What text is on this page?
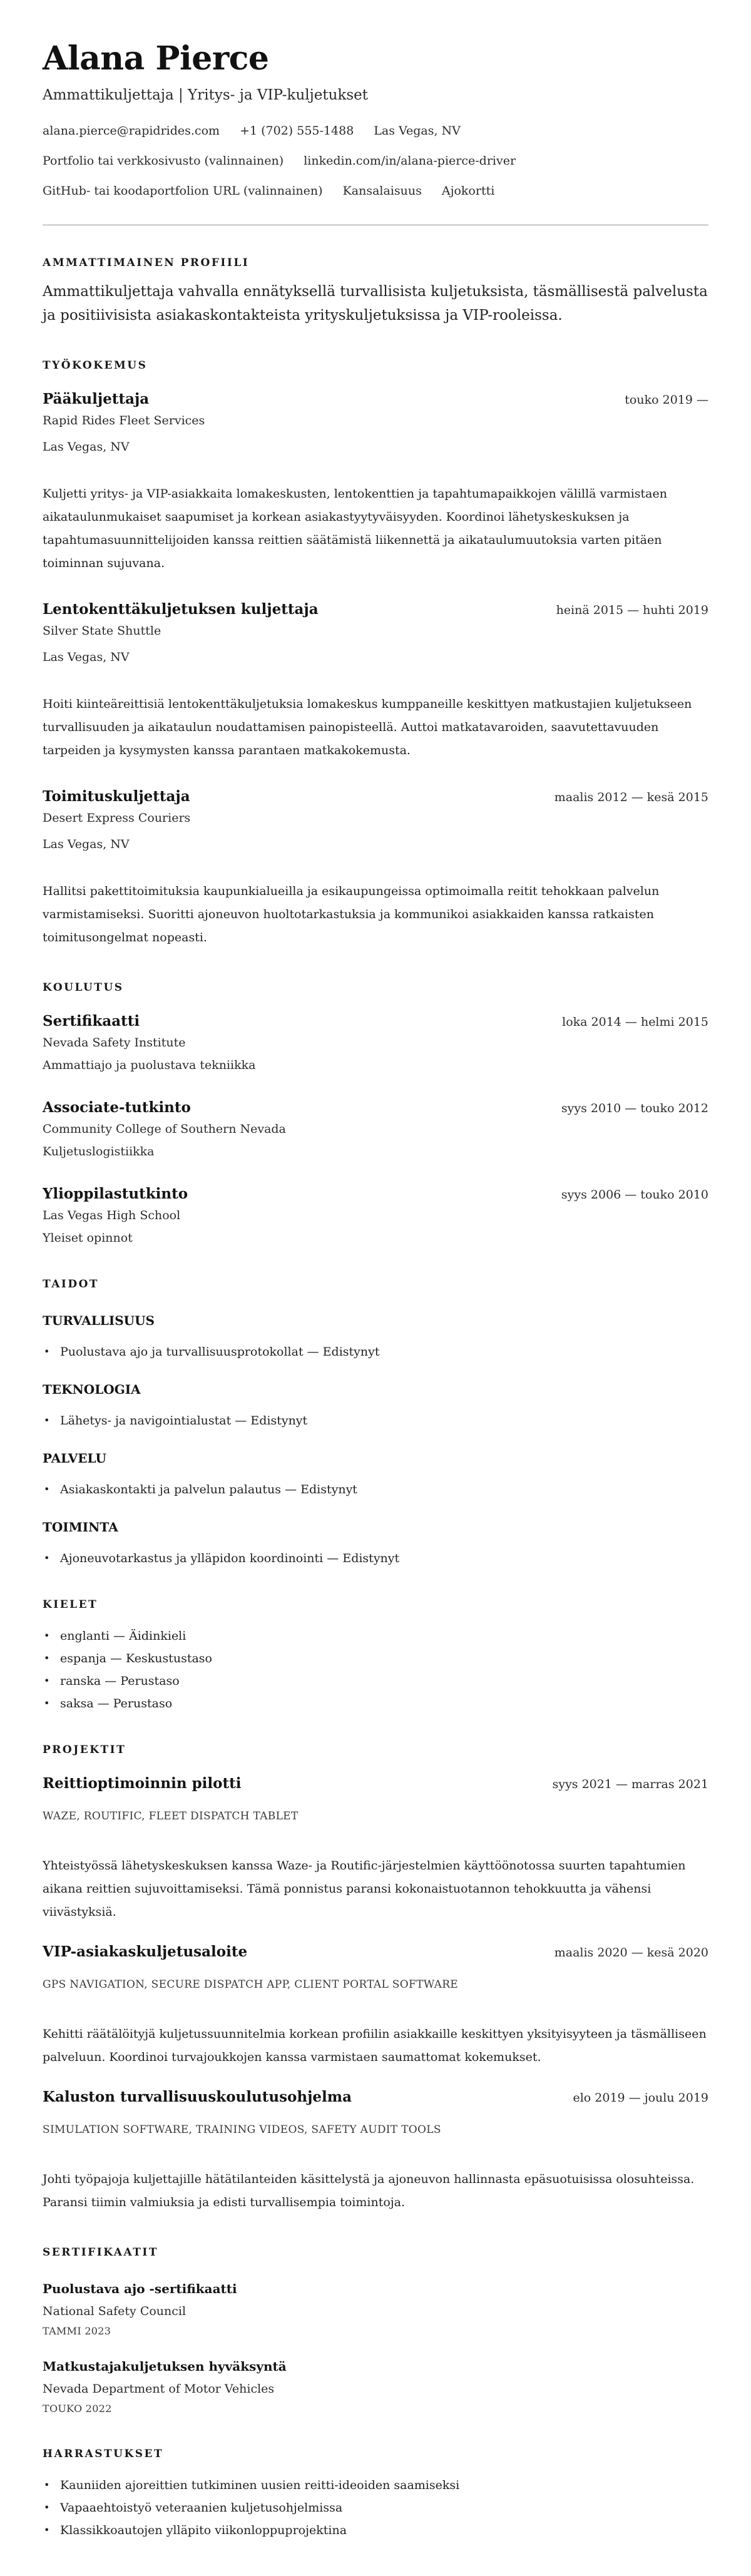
Alana Pierce
Ammattikuljettaja | Yritys- ja VIP-kuljetukset
alana.pierce@rapidrides.com +1 (702) 555-1488 Las Vegas, NV
Portfolio tai verkkosivusto (valinnainen) linkedin.com/in/alana-pierce-driver
GitHub- tai koodaportfolion URL (valinnainen) Kansalaisuus Ajokortti
AMMATTIMAINEN PROFIILI

Ammattikuljettaja vahvalla ennätyksellä turvallisista kuljetuksista, täsmällisestä palvelusta ja positiivisista asiakaskontakteista yrityskuljetuksissa ja VIP-rooleissa.

TYÖKOKEMUS
Pääkuljettaja	touko 2019 —
Rapid Rides Fleet Services
Las Vegas, NV

Kuljetti yritys- ja VIP-asiakkaita lomakeskusten, lentokenttien ja tapahtumapaikkojen välillä varmistaen aikataulunmukaiset saapumiset ja korkean asiakastyytyväisyyden. Koordinoi lähetyskeskuksen ja tapahtumasuunnittelijoiden kanssa reittien säätämistä liikennettä ja aikataulumuutoksia varten pitäen toiminnan sujuvana.

Lentokenttäkuljetuksen kuljettaja	heinä 2015 — huhti 2019
Silver State Shuttle
Las Vegas, NV

Hoiti kiinteäreittisiä lentokenttäkuljetuksia lomakeskus kumppaneille keskittyen matkustajien kuljetukseen turvallisuuden ja aikataulun noudattamisen painopisteellä. Auttoi matkatavaroiden, saavutettavuuden tarpeiden ja kysymysten kanssa parantaen matkakokemusta.

Toimituskuljettaja	maalis 2012 — kesä 2015
Desert Express Couriers
Las Vegas, NV

Hallitsi pakettitoimituksia kaupunkialueilla ja esikaupungeissa optimoimalla reitit tehokkaan palvelun varmistamiseksi. Suoritti ajoneuvon huoltotarkastuksia ja kommunikoi asiakkaiden kanssa ratkaisten toimitusongelmat nopeasti.

KOULUTUS
Sertifikaatti	loka 2014 — helmi 2015
Nevada Safety Institute
Ammattiajo ja puolustava tekniikka
Associate-tutkinto	syys 2010 — touko 2012
Community College of Southern Nevada
Kuljetuslogistiikka
Ylioppilastutkinto	syys 2006 — touko 2010
Las Vegas High School
Yleiset opinnot
TAIDOT
TURVALLISUUS
• Puolustava ajo ja turvallisuusprotokollat — Edistynyt
TEKNOLOGIA
• Lähetys- ja navigointialustat — Edistynyt
PALVELU
• Asiakaskontakti ja palvelun palautus — Edistynyt
TOIMINTA
• Ajoneuvotarkastus ja ylläpidon koordinointi — Edistynyt
KIELET
• englanti — Äidinkieli
• espanja — Keskustustaso
• ranska — Perustaso
• saksa — Perustaso
PROJEKTIT
Reittioptimoinnin pilotti	syys 2021 — marras 2021
WAZE, ROUTIFIC, FLEET DISPATCH TABLET

Yhteistyössä lähetyskeskuksen kanssa Waze- ja Routific-järjestelmien käyttöönotossa suurten tapahtumien aikana reittien sujuvoittamiseksi. Tämä ponnistus paransi kokonaistuotannon tehokkuutta ja vähensi viivästyksiä.

VIP-asiakaskuljetusaloite	maalis 2020 — kesä 2020
GPS NAVIGATION, SECURE DISPATCH APP, CLIENT PORTAL SOFTWARE

Kehitti räätälöityjä kuljetussuunnitelmia korkean profiilin asiakkaille keskittyen yksityisyyteen ja täsmälliseen palveluun. Koordinoi turvajoukkojen kanssa varmistaen saumattomat kokemukset.

Kaluston turvallisuuskoulutusohjelma	elo 2019 — joulu 2019
SIMULATION SOFTWARE, TRAINING VIDEOS, SAFETY AUDIT TOOLS

Johti työpajoja kuljettajille hätätilanteiden käsittelystä ja ajoneuvon hallinnasta epäsuotuisissa olosuhteissa. Paransi tiimin valmiuksia ja edisti turvallisempia toimintoja.

SERTIFIKAATIT
Puolustava ajo -sertifikaatti
National Safety Council
TAMMI 2023
Matkustajakuljetuksen hyväksyntä
Nevada Department of Motor Vehicles
TOUKO 2022
HARRASTUKSET
• Kauniiden ajoreittien tutkiminen uusien reitti-ideoiden saamiseksi
• Vapaaehtoistyö veteraanien kuljetusohjelmissa
• Klassikkoautojen ylläpito viikonloppuprojektina
